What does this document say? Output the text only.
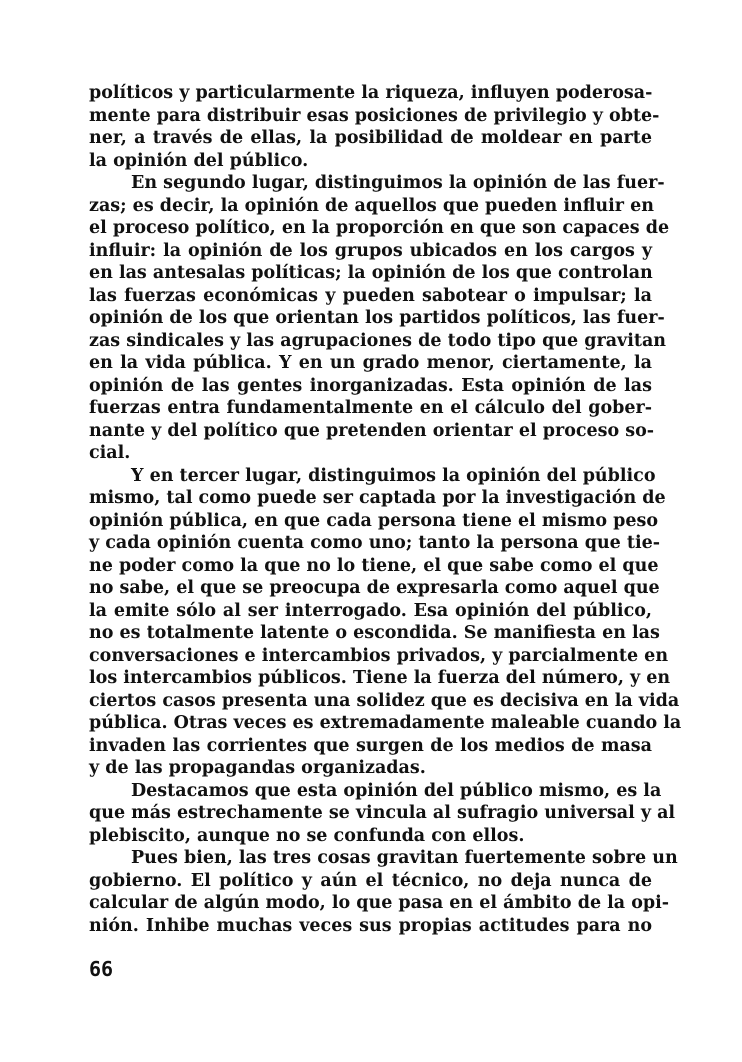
políticos y particularmente la riqueza, influyen poderosa-
mente para distribuir esas posiciones de privilegio y obte-
ner, a través de ellas, la posibilidad de moldear en parte
la opinión del público.
En segundo lugar, distinguimos la opinión de las fuer-
zas; es decir, la opinión de aquellos que pueden influir en
el proceso político, en la proporción en que son capaces de
influir: la opinión de los grupos ubicados en los cargos y
en las antesalas políticas; la opinión de los que controlan
las fuerzas económicas y pueden sabotear o impulsar; la
opinión de los que orientan los partidos políticos, las fuer-
zas sindicales y las agrupaciones de todo tipo que gravitan
en la vida pública. Y en un grado menor, ciertamente, la
opinión de las gentes inorganizadas. Esta opinión de las
fuerzas entra fundamentalmente en el cálculo del gober-
nante y del político que pretenden orientar el proceso so-
cial.
Y en tercer lugar, distinguimos la opinión del público
mismo, tal como puede ser captada por la investigación de
opinión pública, en que cada persona tiene el mismo peso
y cada opinión cuenta como uno; tanto la persona que tie-
ne poder como la que no lo tiene, el que sabe como el que
no sabe, el que se preocupa de expresarla como aquel que
la emite sólo al ser interrogado. Esa opinión del público,
no es totalmente latente o escondida. Se manifiesta en las
conversaciones e intercambios privados, y parcialmente en
los intercambios públicos. Tiene la fuerza del número, y en
ciertos casos presenta una solidez que es decisiva en la vida
pública. Otras veces es extremadamente maleable cuando la
invaden las corrientes que surgen de los medios de masa
y de las propagandas organizadas.
Destacamos que esta opinión del público mismo, es la
que más estrechamente se vincula al sufragio universal y al
plebiscito, aunque no se confunda con ellos.
Pues bien, las tres cosas gravitan fuertemente sobre un
gobierno. El político y aún el técnico, no deja nunca de
calcular de algún modo, lo que pasa en el ámbito de la opi-
nión. Inhibe muchas veces sus propias actitudes para no
66
